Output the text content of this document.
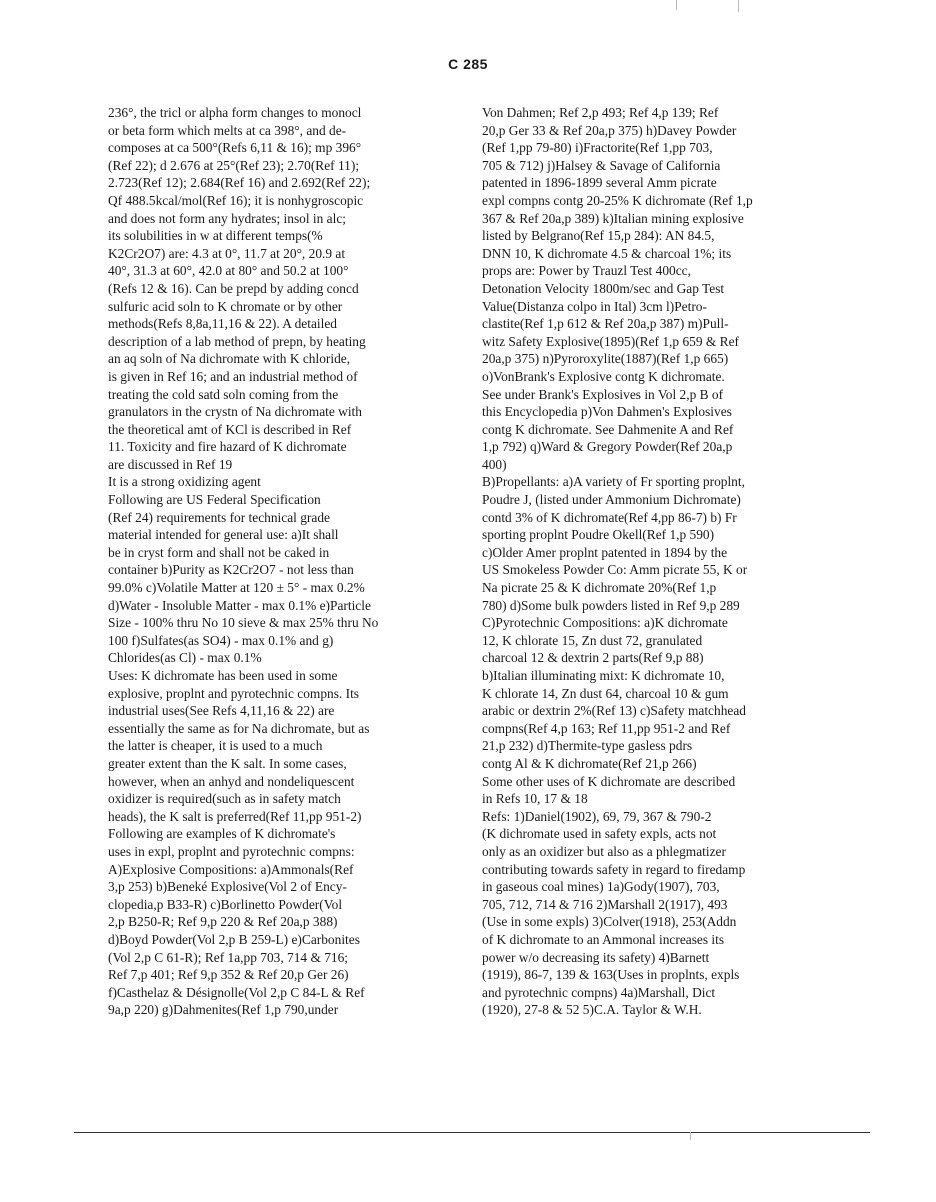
C 285
236°, the tricl or alpha form changes to monocl
or beta form which melts at ca 398°, and de-
composes at ca 500°(Refs 6,11 & 16); mp 396°
(Ref 22); d 2.676 at 25°(Ref 23); 2.70(Ref 11);
2.723(Ref 12); 2.684(Ref 16) and 2.692(Ref 22);
Qf 488.5kcal/mol(Ref 16); it is nonhygroscopic
and does not form any hydrates; insol in alc;
its solubilities in w at different temps(%
K2Cr2O7) are: 4.3 at 0°, 11.7 at 20°, 20.9 at
40°, 31.3 at 60°, 42.0 at 80° and 50.2 at 100°
(Refs 12 & 16). Can be prepd by adding concd
sulfuric acid soln to K chromate or by other
methods(Refs 8,8a,11,16 & 22). A detailed
description of a lab method of prepn, by heating
an aq soln of Na dichromate with K chloride,
is given in Ref 16; and an industrial method of
treating the cold satd soln coming from the
granulators in the crystn of Na dichromate with
the theoretical amt of KCl is described in Ref
11. Toxicity and fire hazard of K dichromate
are discussed in Ref 19
It is a strong oxidizing agent
Following are US Federal Specification
(Ref 24) requirements for technical grade
material intended for general use: a)It shall
be in cryst form and shall not be caked in
container b)Purity as K2Cr2O7 - not less than
99.0% c)Volatile Matter at 120 ± 5° - max 0.2%
d)Water - Insoluble Matter - max 0.1% e)Particle
Size - 100% thru No 10 sieve & max 25% thru No
100 f)Sulfates(as SO4) - max 0.1% and g)
Chlorides(as Cl) - max 0.1%
Uses: K dichromate has been used in some
explosive, proplnt and pyrotechnic compns. Its
industrial uses(See Refs 4,11,16 & 22) are
essentially the same as for Na dichromate, but as
the latter is cheaper, it is used to a much
greater extent than the K salt. In some cases,
however, when an anhyd and nondeliquescent
oxidizer is required(such as in safety match
heads), the K salt is preferred(Ref 11,pp 951-2)
Following are examples of K dichromate's
uses in expl, proplnt and pyrotechnic compns:
A)Explosive Compositions: a)Ammonals(Ref
3,p 253) b)Beneké Explosive(Vol 2 of Ency-
clopedia,p B33-R) c)Borlinetto Powder(Vol
2,p B250-R; Ref 9,p 220 & Ref 20a,p 388)
d)Boyd Powder(Vol 2,p B 259-L) e)Carbonites
(Vol 2,p C 61-R); Ref 1a,pp 703, 714 & 716;
Ref 7,p 401; Ref 9,p 352 & Ref 20,p Ger 26)
f)Casthelaz & Désignolle(Vol 2,p C 84-L & Ref
9a,p 220) g)Dahmenites(Ref 1,p 790,under
Von Dahmen; Ref 2,p 493; Ref 4,p 139; Ref
20,p Ger 33 & Ref 20a,p 375) h)Davey Powder
(Ref 1,pp 79-80) i)Fractorite(Ref 1,pp 703,
705 & 712) j)Halsey & Savage of California
patented in 1896-1899 several Amm picrate
expl compns contg 20-25% K dichromate (Ref 1,p
367 & Ref 20a,p 389) k)Italian mining explosive
listed by Belgrano(Ref 15,p 284): AN 84.5,
DNN 10, K dichromate 4.5 & charcoal 1%; its
props are: Power by Trauzl Test 400cc,
Detonation Velocity 1800m/sec and Gap Test
Value(Distanza colpo in Ital) 3cm l)Petro-
clastite(Ref 1,p 612 & Ref 20a,p 387) m)Pull-
witz Safety Explosive(1895)(Ref 1,p 659 & Ref
20a,p 375) n)Pyroroxylite(1887)(Ref 1,p 665)
o)VonBrank's Explosive contg K dichromate.
See under Brank's Explosives in Vol 2,p B of
this Encyclopedia p)Von Dahmen's Explosives
contg K dichromate. See Dahmenite A and Ref
1,p 792) q)Ward & Gregory Powder(Ref 20a,p
400)
B)Propellants: a)A variety of Fr sporting proplnt,
Poudre J, (listed under Ammonium Dichromate)
contd 3% of K dichromate(Ref 4,pp 86-7) b) Fr
sporting proplnt Poudre Okell(Ref 1,p 590)
c)Older Amer proplnt patented in 1894 by the
US Smokeless Powder Co: Amm picrate 55, K or
Na picrate 25 & K dichromate 20%(Ref 1,p
780) d)Some bulk powders listed in Ref 9,p 289
C)Pyrotechnic Compositions: a)K dichromate
12, K chlorate 15, Zn dust 72, granulated
charcoal 12 & dextrin 2 parts(Ref 9,p 88)
b)Italian illuminating mixt: K dichromate 10,
K chlorate 14, Zn dust 64, charcoal 10 & gum
arabic or dextrin 2%(Ref 13) c)Safety matchhead
compns(Ref 4,p 163; Ref 11,pp 951-2 and Ref
21,p 232) d)Thermite-type gasless pdrs
contg Al & K dichromate(Ref 21,p 266)
Some other uses of K dichromate are described
in Refs 10, 17 & 18
Refs: 1)Daniel(1902), 69, 79, 367 & 790-2
(K dichromate used in safety expls, acts not
only as an oxidizer but also as a phlegmatizer
contributing towards safety in regard to firedamp
in gaseous coal mines) 1a)Gody(1907), 703,
705, 712, 714 & 716 2)Marshall 2(1917), 493
(Use in some expls) 3)Colver(1918), 253(Addn
of K dichromate to an Ammonal increases its
power w/o decreasing its safety) 4)Barnett
(1919), 86-7, 139 & 163(Uses in proplnts, expls
and pyrotechnic compns) 4a)Marshall, Dict
(1920), 27-8 & 52 5)C.A. Taylor & W.H.
